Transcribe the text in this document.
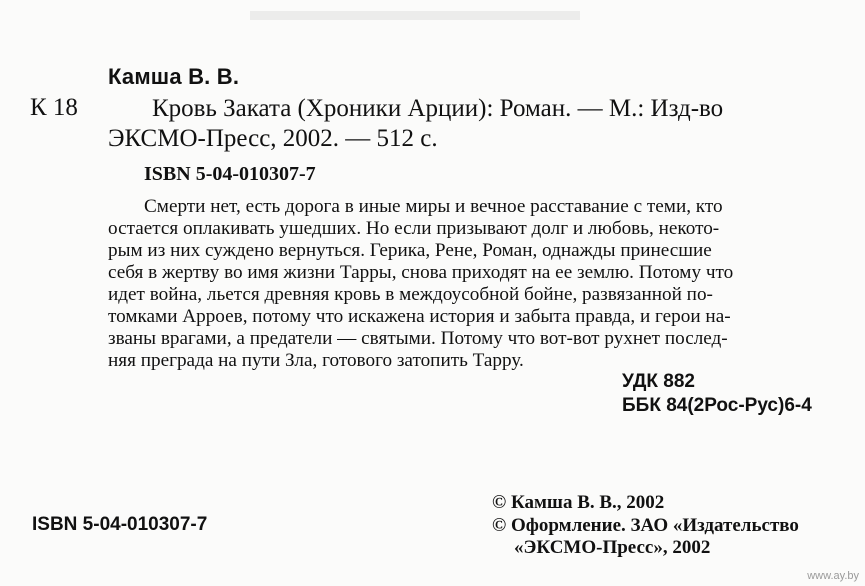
▬▬▬▬▬▬▬▬▬▬▬
Камша В. В.
К 18	Кровь Заката (Хроники Арции): Роман. — М.: Изд-во
ЭКСМО-Пресс, 2002. — 512 с.
ISBN 5-04-010307-7
Смерти нет, есть дорога в иные миры и вечное расставание с теми, кто
остается оплакивать ушедших. Но если призывают долг и любовь, некото-
рым из них суждено вернуться. Герика, Рене, Роман, однажды принесшие
себя в жертву во имя жизни Тарры, снова приходят на ее землю. Потому что
идет война, льется древняя кровь в междоусобной бойне, развязанной по-
томками Арроев, потому что искажена история и забыта правда, и герои на-
званы врагами, а предатели — святыми. Потому что вот-вот рухнет послед-
няя преграда на пути Зла, готового затопить Тарру.
УДК 882
ББК 84(2Рос-Рус)6-4
© Камша В. В., 2002
© Оформление. ЗАО «Издательство
«ЭКСМО-Пресс», 2002
ISBN 5-04-010307-7
www.ay.by
